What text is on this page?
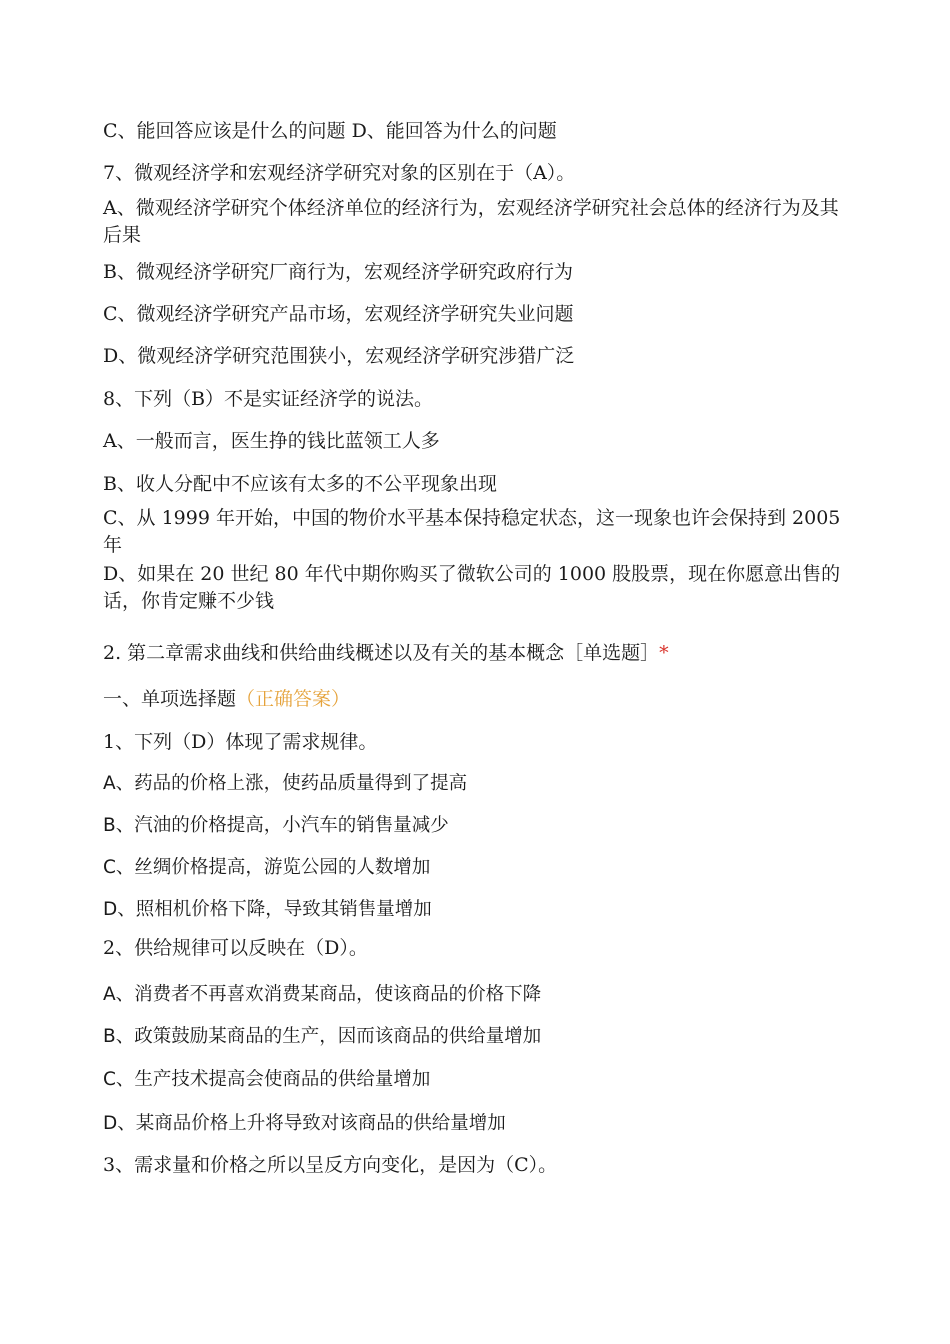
C、能回答应该是什么的问题 D、能回答为什么的问题
7、微观经济学和宏观经济学研究对象的区别在于（A）。
A、微观经济学研究个体经济单位的经济行为，宏观经济学研究社会总体的经济行为及其后果
B、微观经济学研究厂商行为，宏观经济学研究政府行为
C、微观经济学研究产品市场，宏观经济学研究失业问题
D、微观经济学研究范围狭小，宏观经济学研究涉猎广泛
8、下列（B）不是实证经济学的说法。
A、一般而言，医生挣的钱比蓝领工人多
B、收人分配中不应该有太多的不公平现象出现
C、从 1999 年开始，中国的物价水平基本保持稳定状态，这一现象也许会保持到 2005 年
D、如果在 20 世纪 80 年代中期你购买了微软公司的 1000 股股票，现在你愿意出售的话，你肯定赚不少钱
2. 第二章需求曲线和供给曲线概述以及有关的基本概念［单选题］*
一、单项选择题（正确答案）
1、下列（D）体现了需求规律。
A、药品的价格上涨，使药品质量得到了提高
B、汽油的价格提高，小汽车的销售量减少
C、丝绸价格提高，游览公园的人数增加
D、照相机价格下降，导致其销售量增加
2、供给规律可以反映在（D）。
A、消费者不再喜欢消费某商品，使该商品的价格下降
B、政策鼓励某商品的生产，因而该商品的供给量增加
C、生产技术提高会使商品的供给量增加
D、某商品价格上升将导致对该商品的供给量增加
3、需求量和价格之所以呈反方向变化，是因为（C）。
